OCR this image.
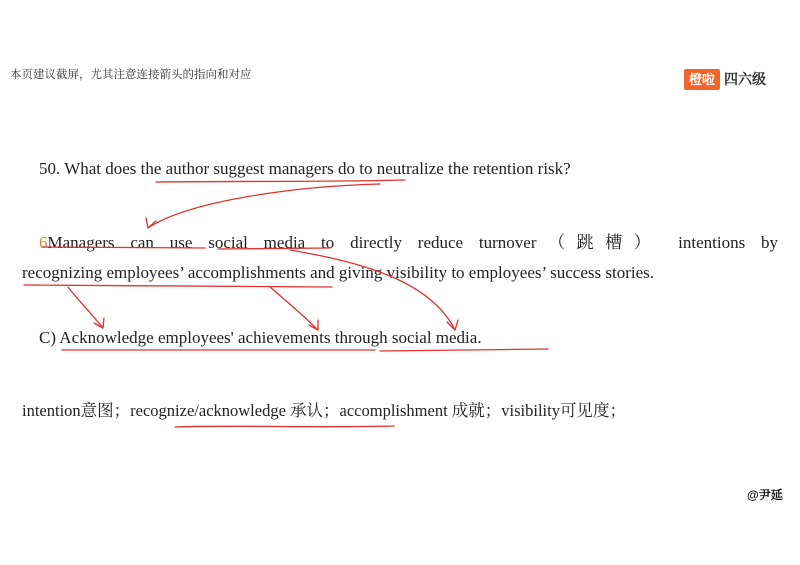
本页建议截屏，尤其注意连接箭头的指向和对应	橙啦 四六级
50. What does the author suggest managers do to neutralize the retention risk?
6Managers can use social media to directly reduce turnover（跳槽） intentions by
recognizing employees’ accomplishments and giving visibility to employees’ success stories.
C) Acknowledge employees' achievements through social media.
intention意图；recognize/acknowledge 承认；accomplishment 成就；visibility可见度；
@尹延
